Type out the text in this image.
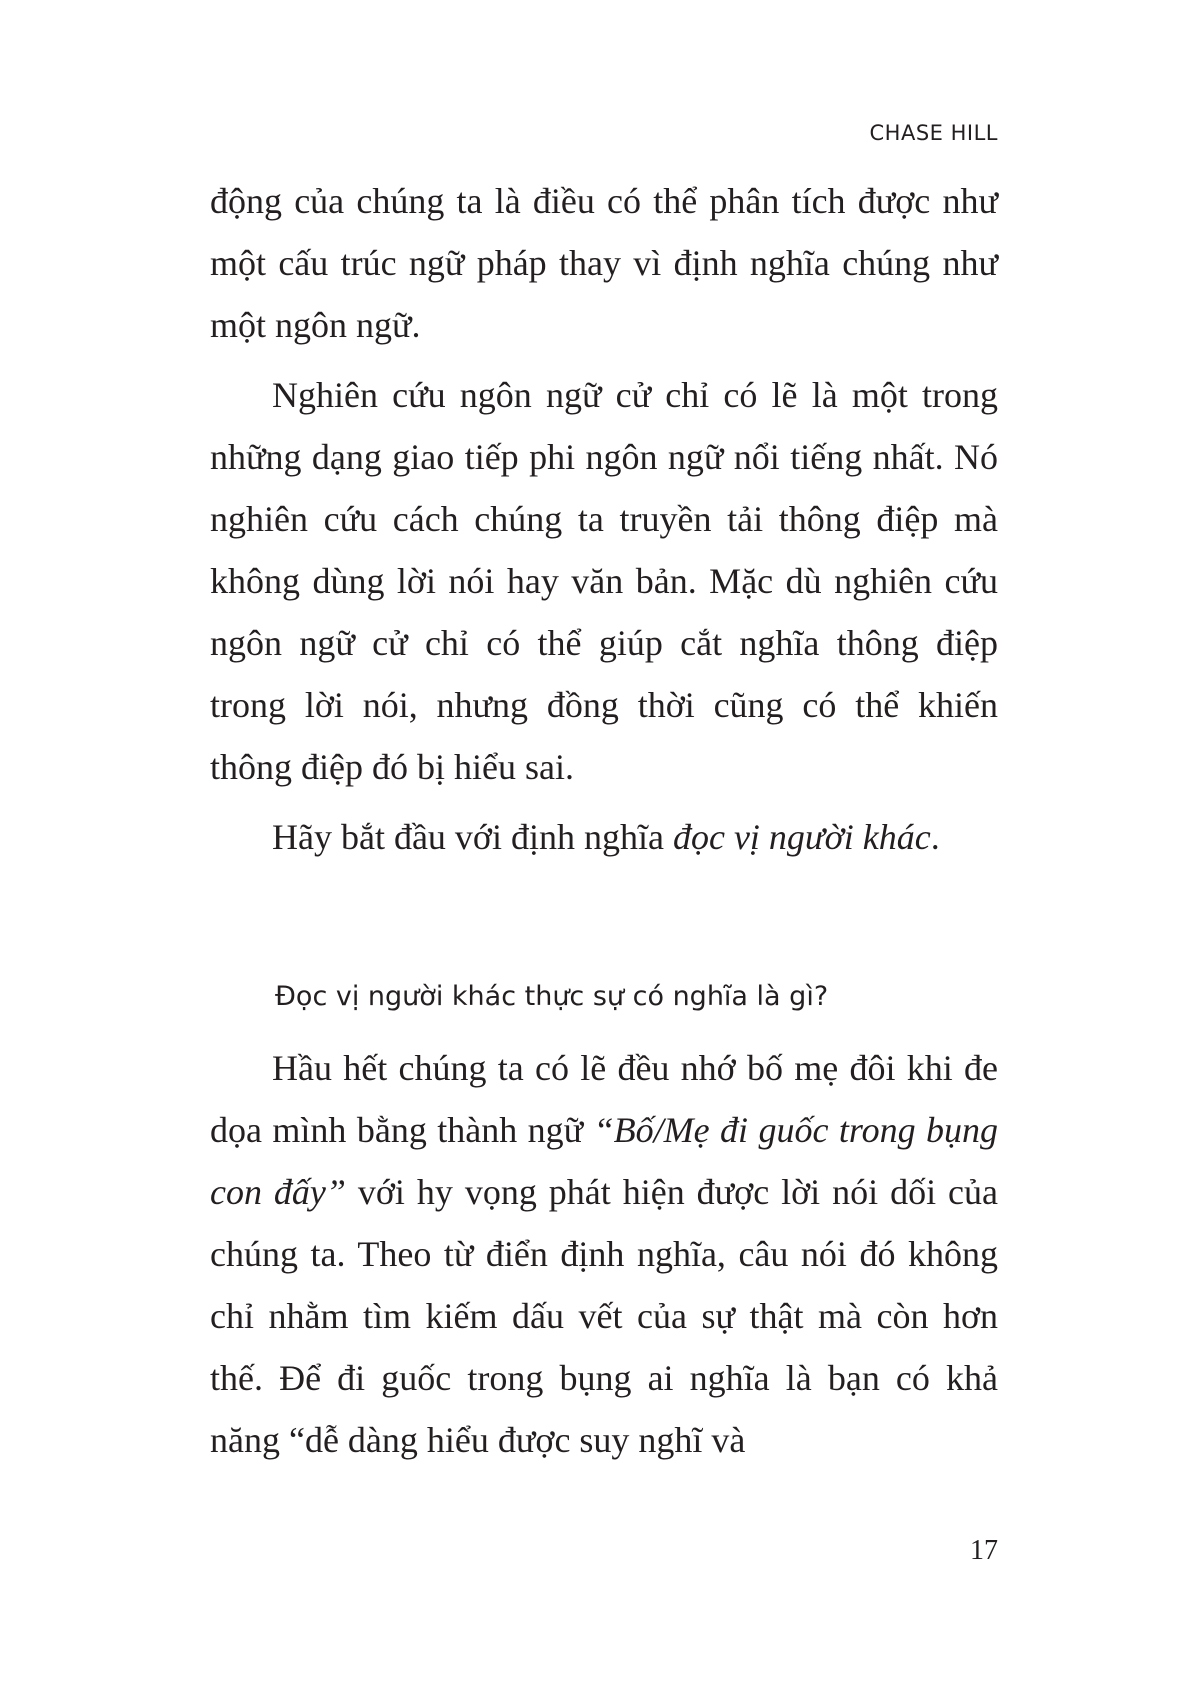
CHASE HILL

động của chúng ta là điều có thể phân tích được như một cấu trúc ngữ pháp thay vì định nghĩa chúng như một ngôn ngữ.

Nghiên cứu ngôn ngữ cử chỉ có lẽ là một trong những dạng giao tiếp phi ngôn ngữ nổi tiếng nhất. Nó nghiên cứu cách chúng ta truyền tải thông điệp mà không dùng lời nói hay văn bản. Mặc dù nghiên cứu ngôn ngữ cử chỉ có thể giúp cắt nghĩa thông điệp trong lời nói, nhưng đồng thời cũng có thể khiến thông điệp đó bị hiểu sai.

Hãy bắt đầu với định nghĩa đọc vị người khác.

Đọc vị người khác thực sự có nghĩa là gì?

Hầu hết chúng ta có lẽ đều nhớ bố mẹ đôi khi đe dọa mình bằng thành ngữ “Bố/Mẹ đi guốc trong bụng con đấy” với hy vọng phát hiện được lời nói dối của chúng ta. Theo từ điển định nghĩa, câu nói đó không chỉ nhằm tìm kiếm dấu vết của sự thật mà còn hơn thế. Để đi guốc trong bụng ai nghĩa là bạn có khả năng “dễ dàng hiểu được suy nghĩ và

17
